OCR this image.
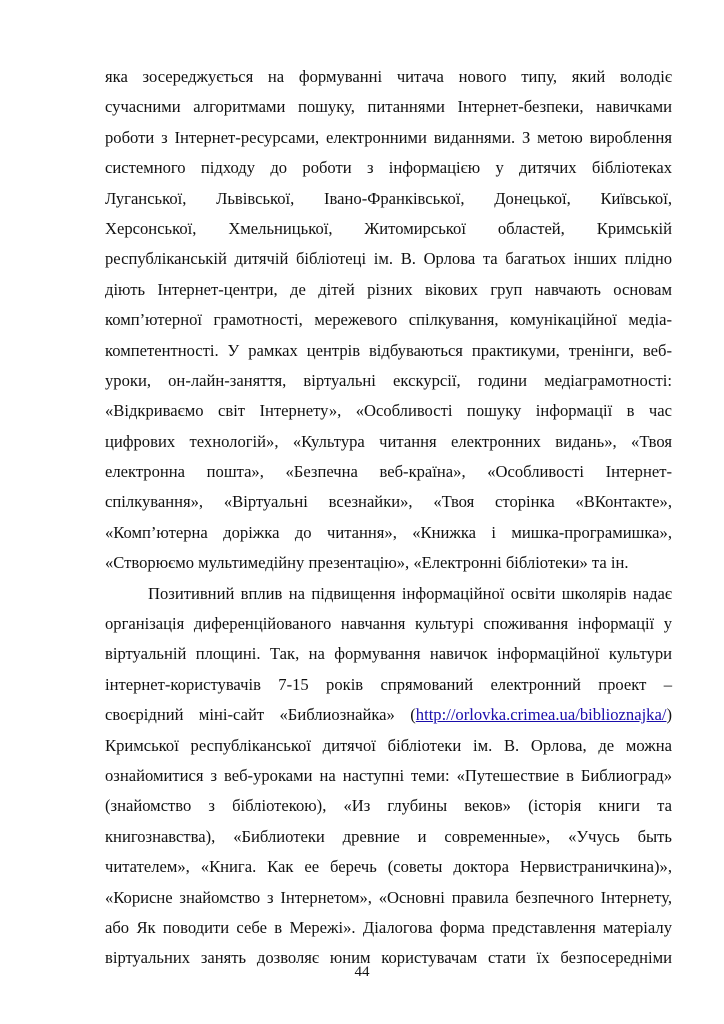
яка зосереджується на формуванні читача нового типу, який володіє
сучасними алгоритмами пошуку, питаннями Інтернет-безпеки, навичками
роботи з Інтернет-ресурсами, електронними виданнями. З метою вироблення
системного підходу до роботи з інформацією у дитячих бібліотеках
Луганської, Львівської, Івано-Франківської, Донецької, Київської,
Херсонської, Хмельницької, Житомирської областей, Кримській
республіканській дитячій бібліотеці ім. В. Орлова та багатьох інших плідно
діють Інтернет-центри, де дітей різних вікових груп навчають основам
комп’ютерної грамотності, мережевого спілкування, комунікаційної медіа-
компетентності. У рамках центрів відбуваються практикуми, тренінги, веб-
уроки, он-лайн-заняття, віртуальні екскурсії, години медіаграмотності:
«Відкриваємо світ Інтернету», «Особливості пошуку інформації в час
цифрових технологій», «Культура читання електронних видань», «Твоя
електронна пошта», «Безпечна веб-країна», «Особливості Інтернет-
спілкування», «Віртуальні всезнайки», «Твоя сторінка «ВКонтакте»,
«Комп’ютерна доріжка до читання», «Книжка і мишка-програмишка»,
«Створюємо мультимедійну презентацію», «Електронні бібліотеки» та ін.
Позитивний вплив на підвищення інформаційної освіти школярів надає
організація диференційованого навчання культурі споживання інформації у
віртуальній площині. Так, на формування навичок інформаційної культури
інтернет-користувачів 7-15 років спрямований електронний проект –
своєрідний міні-сайт «Библиознайка» (http://orlovka.crimea.ua/biblioznajka/)
Кримської республіканської дитячої бібліотеки ім. В. Орлова, де можна
ознайомитися з веб-уроками на наступні теми: «Путешествие в Библиоград»
(знайомство з бібліотекою), «Из глубины веков» (історія книги та
книгознавства), «Библиотеки древние и современные», «Учусь быть
читателем», «Книга. Как ее беречь (советы доктора Нервистраничкина)»,
«Корисне знайомство з Інтернетом», «Основні правила безпечного Інтернету,
або Як поводити себе в Мережі». Діалогова форма представлення матеріалу
віртуальних занять дозволяє юним користувачам стати їх безпосередніми
44
